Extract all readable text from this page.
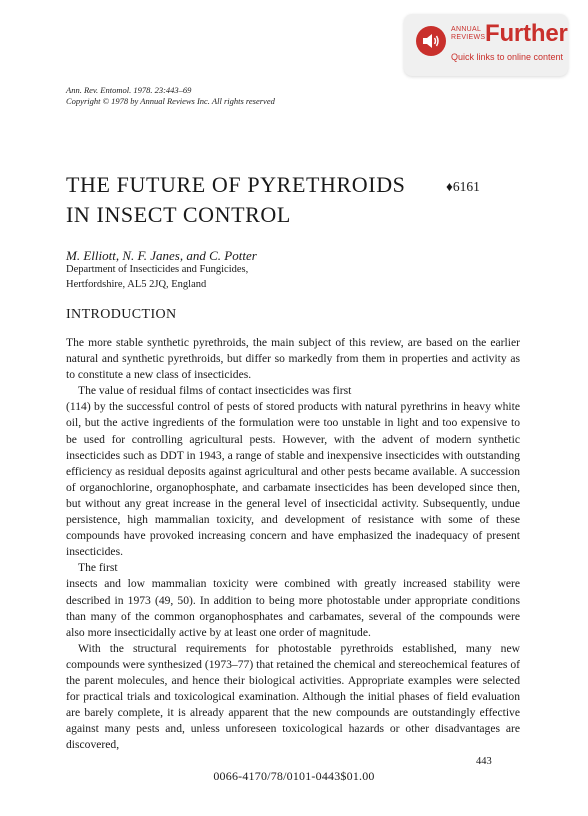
ANNUAL
REVIEWS Further
Quick links to online content
Ann. Rev. Entomol. 1978. 23:443–69
Copyright © 1978 by Annual Reviews Inc. All rights reserved
THE FUTURE OF PYRETHROIDS
IN INSECT CONTROL
♦6161
M. Elliott, N. F. Janes, and C. Potter
Department of Insecticides and Fungicides,
Hertfordshire, AL5 2JQ, England
INTRODUCTION

The more stable synthetic pyrethroids, the main subject of this review, are based on the earlier natural and synthetic pyrethroids, but differ so markedly from them in properties and activity as to constitute a new class of insecticides.

The value of residual films of contact insecticides was first

(114) by the successful control of pests of stored products with natural pyrethrins in heavy white oil, but the active ingredients of the formulation were too unstable in light and too expensive to be used for controlling agricultural pests. However, with the advent of modern synthetic insecticides such as DDT in 1943, a range of stable and inexpensive insecticides with outstanding efficiency as residual deposits against agricultural and other pests became available. A succession of organochlorine, organophosphate, and carbamate insecticides has been developed since then, but without any great increase in the general level of insecticidal activity. Subsequently, undue persistence, high mammalian toxicity, and development of resistance with some of these compounds have provoked increasing concern and have emphasized the inadequacy of present insecticides.

The first

insects and low mammalian toxicity were combined with greatly increased stability were described in 1973 (49, 50). In addition to being more photostable under appropriate conditions than many of the common organophosphates and carbamates, several of the compounds were also more insecticidally active by at least one order of magnitude.

With the structural requirements for photostable pyrethroids established, many new compounds were synthesized (1973–77) that retained the chemical and stereochemical features of the parent molecules, and hence their biological activities. Appropriate examples were selected for practical trials and toxicological examination. Although the initial phases of field evaluation are barely complete, it is already apparent that the new compounds are outstandingly effective against many pests and, unless unforeseen toxicological hazards or other disadvantages are discovered,

443
0066-4170/78/0101-0443$01.00
